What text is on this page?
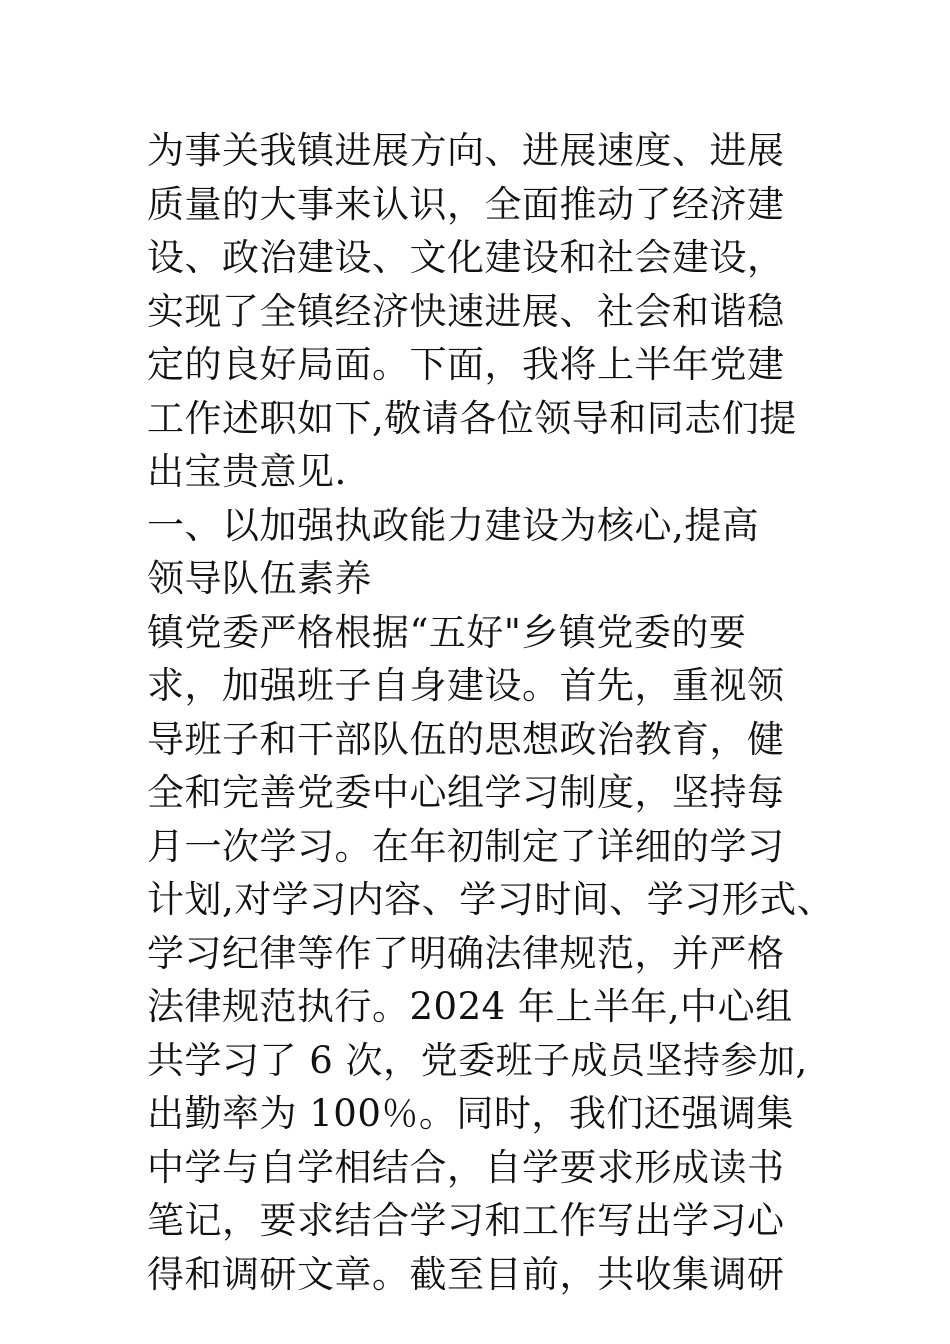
为事关我镇进展方向、进展速度、进展
质量的大事来认识，全面推动了经济建
设、政治建设、文化建设和社会建设，
实现了全镇经济快速进展、社会和谐稳
定的良好局面。下面，我将上半年党建
工作述职如下,敬请各位领导和同志们提
出宝贵意见.
一、以加强执政能力建设为核心,提高
领导队伍素养
镇党委严格根据“五好"乡镇党委的要
求，加强班子自身建设。首先，重视领
导班子和干部队伍的思想政治教育，健
全和完善党委中心组学习制度，坚持每
月一次学习。在年初制定了详细的学习
计划,对学习内容、学习时间、学习形式、
学习纪律等作了明确法律规范，并严格
法律规范执行。2024 年上半年,中心组
共学习了 6 次，党委班子成员坚持参加,
出勤率为 100％。同时，我们还强调集
中学与自学相结合，自学要求形成读书
笔记，要求结合学习和工作写出学习心
得和调研文章。截至目前，共收集调研
